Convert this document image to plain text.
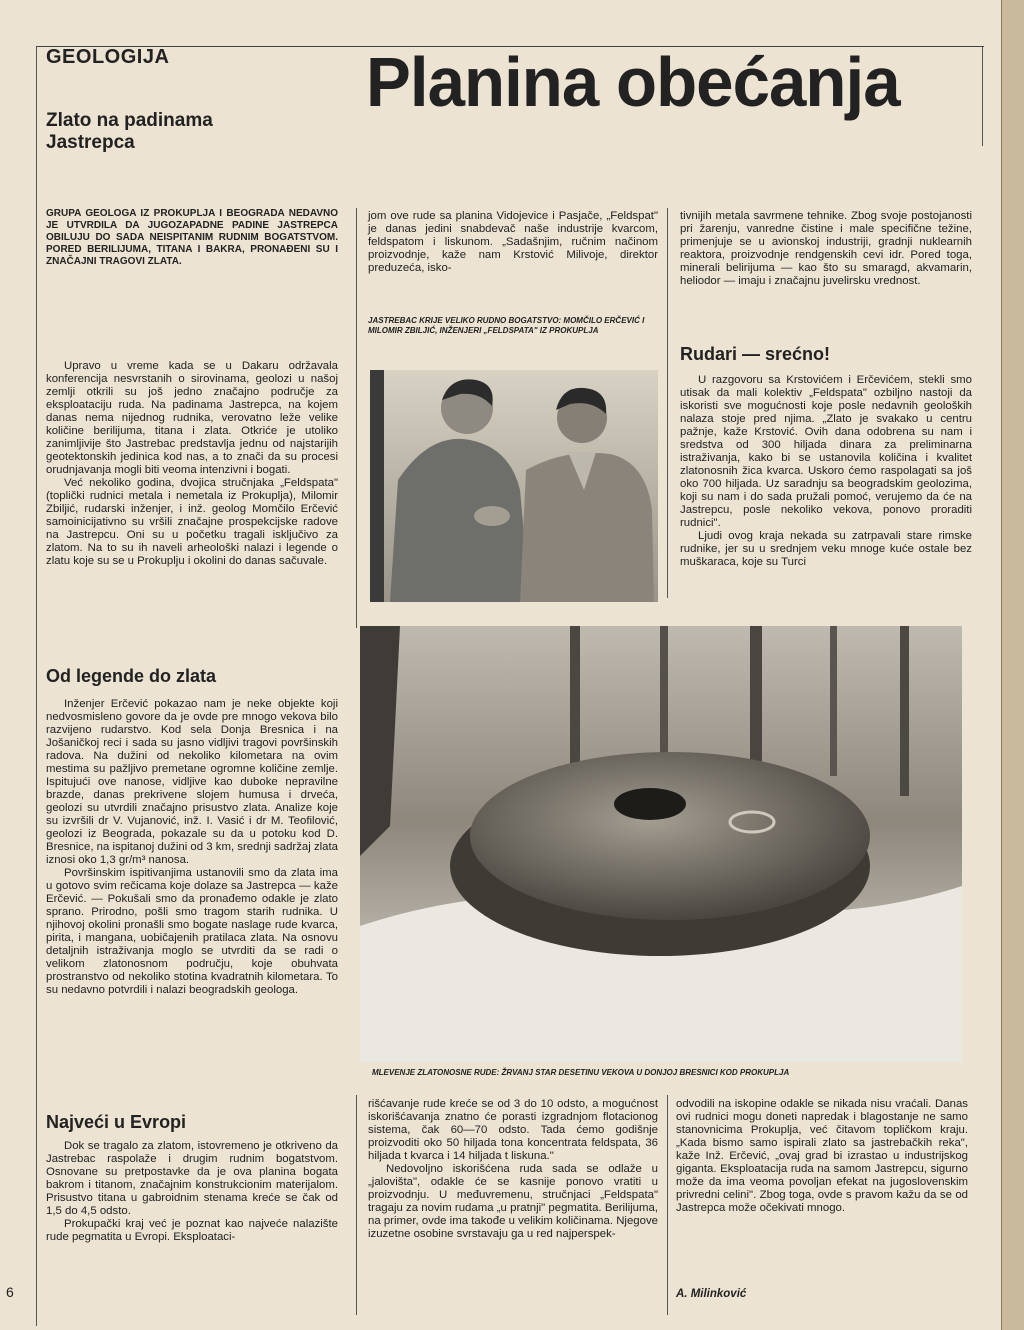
GEOLOGIJA
Zlato na padinama Jastrepca
Planina obećanja
GRUPA GEOLOGA IZ PROKUPLJA I BEOGRADA NEDAVNO JE UTVRDILA DA JUGOZAPADNE PADINE JASTREPCA OBILUJU DO SADA NEISPITANIM RUDNIM BOGATSTVOM. PORED BERILIJUMA, TITANA I BAKRA, PRONAĐENI SU I ZNAČAJNI TRAGOVI ZLATA.

Upravo u vreme kada se u Dakaru održavala konferencija nesvrstanih o sirovinama, geolozi u našoj zemlji otkrili su još jedno značajno područje za eksploataciju ruda. Na padinama Jastrepca, na kojem danas nema nijednog rudnika, verovatno leže velike količine berilijuma, titana i zlata. Otkriće je utoliko zanimljivije što Jastrebac predstavlja jednu od najstarijih geotektonskih jedinica kod nas, a to znači da su procesi orudnjavanja mogli biti veoma intenzivni i bogati.

Već nekoliko godina, dvojica stručnjaka „Feldspata" (toplički rudnici metala i nemetala iz Prokuplja), Milomir Zbiljić, rudarski inženjer, i inž. geolog Momčilo Erčević samoinicijativno su vršili značajne prospekcijske radove na Jastrepcu. Oni su u početku tragali isključivo za zlatom. Na to su ih naveli arheološki nalazi i legende o zlatu koje su se u Prokuplju i okolini do danas sačuvale.

Od legende do zlata

Inženjer Erčević pokazao nam je neke objekte koji nedvosmisleno govore da je ovde pre mnogo vekova bilo razvijeno rudarstvo. Kod sela Donja Bresnica i na Jošaničkoj reci i sada su jasno vidljivi tragovi površinskih radova. Na dužini od nekoliko kilometara na ovim mestima su pažljivo premetane ogromne količine zemlje. Ispitujući ove nanose, vidljive kao duboke nepravilne brazde, danas prekrivene slojem humusa i drveća, geolozi su utvrdili značajno prisustvo zlata. Analize koje su izvršili dr V. Vujanović, inž. I. Vasić i dr M. Teofilović, geolozi iz Beograda, pokazale su da u potoku kod D. Bresnice, na ispitanoj dužini od 3 km, srednji sadržaj zlata iznosi oko 1,3 gr/m³ nanosa.

Površinskim ispitivanjima ustanovili smo da zlata ima u gotovo svim rečicama koje dolaze sa Jastrepca — kaže Erčević. — Pokušali smo da pronađemo odakle je zlato sprano. Prirodno, pošli smo tragom starih rudnika. U njihovoj okolini pronašli smo bogate naslage rude kvarca, pirita, i mangana, uobičajenih pratilaca zlata. Na osnovu detaljnih istraživanja moglo se utvrditi da se radi o velikom zlatonosnom području, koje obuhvata prostranstvo od nekoliko stotina kvadratnih kilometara. To su nedavno potvrdili i nalazi beogradskih geologa.

Najveći u Evropi

Dok se tragalo za zlatom, istovremeno je otkriveno da Jastrebac raspolaže i drugim rudnim bogatstvom. Osnovane su pretpostavke da je ova planina bogata bakrom i titanom, značajnim konstrukcionim materijalom. Prisustvo titana u gabroidnim stenama kreće se čak od 1,5 do 4,5 odsto.

Prokupački kraj već je poznat kao najveće nalazište rude pegmatita u Evropi. Eksploataci-

6

jom ove rude sa planina Vidojevice i Pasjače, „Feldspat" je danas jedini snabdevač naše industrije kvarcom, feldspatom i liskunom. „Sadašnjim, ručnim načinom proizvodnje, kaže nam Krstović Milivoje, direktor preduzeća, isko-

JASTREBAC KRIJE VELIKO RUDNO BOGATSTVO: MOMČILO ERČEVIĆ I MILOMIR ZBILJIĆ, INŽENJERI „FELDSPATA" IZ PROKUPLJA

tivnijih metala savrmene tehnike. Zbog svoje postojanosti pri žarenju, vanredne čistine i male specifične težine, primenjuje se u avionskoj industriji, gradnji nuklearnih reaktora, proizvodnje rendgenskih cevi idr. Pored toga, minerali belirijuma — kao što su smaragd, akvamarin, heliodor — imaju i značajnu juvelirsku vrednost.

Rudari — srećno!

U razgovoru sa Krstovićem i Erčevićem, stekli smo utisak da mali kolektiv „Feldspata" ozbiljno nastoji da iskoristi sve mogućnosti koje posle nedavnih geoloških nalaza stoje pred njima. „Zlato je svakako u centru pažnje, kaže Krstović. Ovih dana odobrena su nam i sredstva od 300 hiljada dinara za preliminarna istraživanja, kako bi se ustanovila količina i kvalitet zlatonosnih žica kvarca. Uskoro ćemo raspolagati sa još oko 700 hiljada. Uz saradnju sa beogradskim geolozima, koji su nam i do sada pružali pomoć, verujemo da će na Jastrepcu, posle nekoliko vekova, ponovo proraditi rudnici".

Ljudi ovog kraja nekada su zatrpavali stare rimske rudnike, jer su u srednjem veku mnoge kuće ostale bez muškaraca, koje su Turci

MLEVENJE ZLATONOSNE RUDE: ŽRVANJ STAR DESETINU VEKOVA U DONJOJ BRESNICI KOD PROKUPLJA

rišćavanje rude kreće se od 3 do 10 odsto, a mogućnost iskorišćavanja znatno će porasti izgradnjom flotacionog sistema, čak 60—70 odsto. Tada ćemo godišnje proizvoditi oko 50 hiljada tona koncentrata feldspata, 36 hiljada t kvarca i 14 hiljada t liskuna."

Nedovoljno iskorišćena ruda sada se odlaže u „jalovišta", odakle će se kasnije ponovo vratiti u proizvodnju. U međuvremenu, stručnjaci „Feldspata" tragaju za novim rudama „u pratnji" pegmatita. Berilijuma, na primer, ovde ima takođe u velikim količinama. Njegove izuzetne osobine svrstavaju ga u red najperspek-

odvodili na iskopine odakle se nikada nisu vraćali. Danas ovi rudnici mogu doneti napredak i blagostanje ne samo stanovnicima Prokuplja, već čitavom topličkom kraju. „Kada bismo samo ispirali zlato sa jastrebačkih reka", kaže Inž. Erčević, „ovaj grad bi izrastao u industrijskog giganta. Eksploatacija ruda na samom Jastrepcu, sigurno može da ima veoma povoljan efekat na jugoslovenskim privredni celini". Zbog toga, ovde s pravom kažu da se od Jastrepca može očekivati mnogo.

A. Milinković
